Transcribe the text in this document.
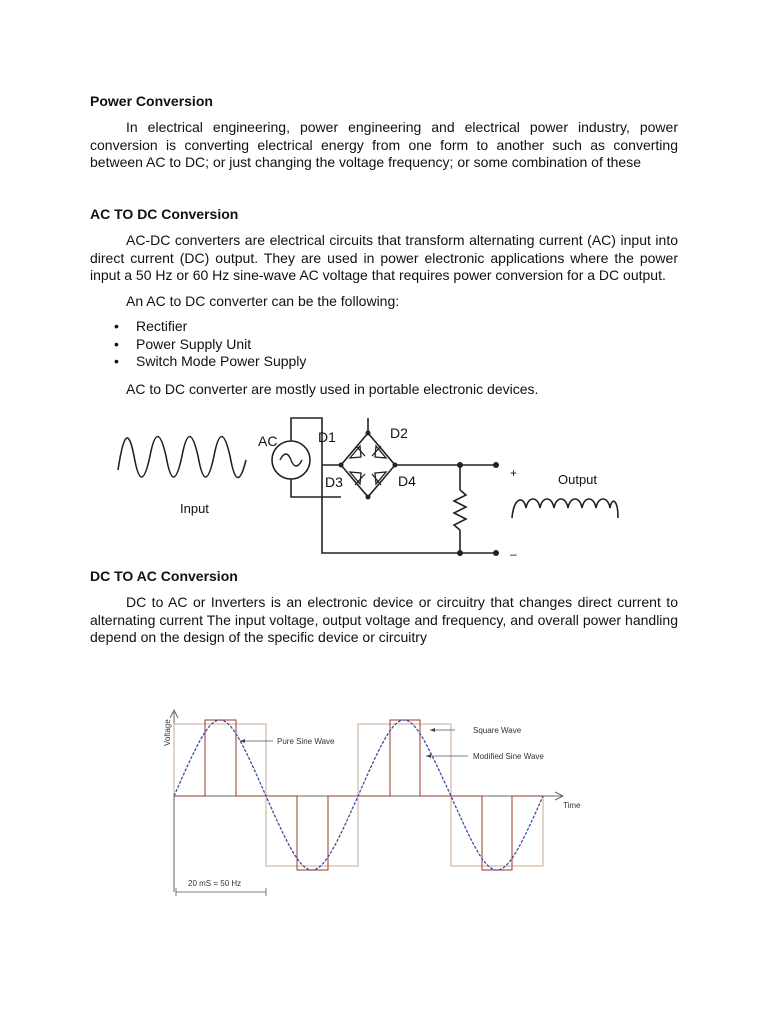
Power Conversion

In electrical engineering, power engineering and electrical power industry, power conversion is converting electrical energy from one form to another such as converting between AC to DC; or just changing the voltage frequency; or some combination of these

AC TO DC Conversion

AC-DC converters are electrical circuits that transform alternating current (AC) input into direct current (DC) output. They are used in power electronic applications where the power input a 50 Hz or 60 Hz sine-wave AC voltage that requires power conversion for a DC output.

An AC to DC converter can be the following:

• Rectifier
• Power Supply Unit
• Switch Mode Power Supply

AC to DC converter are mostly used in portable electronic devices.

AC	D1	D2
D3	D4
Input
Output
+
–
DC TO AC Conversion

DC to AC or Inverters is an electronic device or circuitry that changes direct current to alternating current The input voltage, output voltage and frequency, and overall power handling depend on the design of the specific device or circuitry

Voltage
Time
Pure Sine Wave
Square Wave
Modified Sine Wave
20 mS = 50 Hz
